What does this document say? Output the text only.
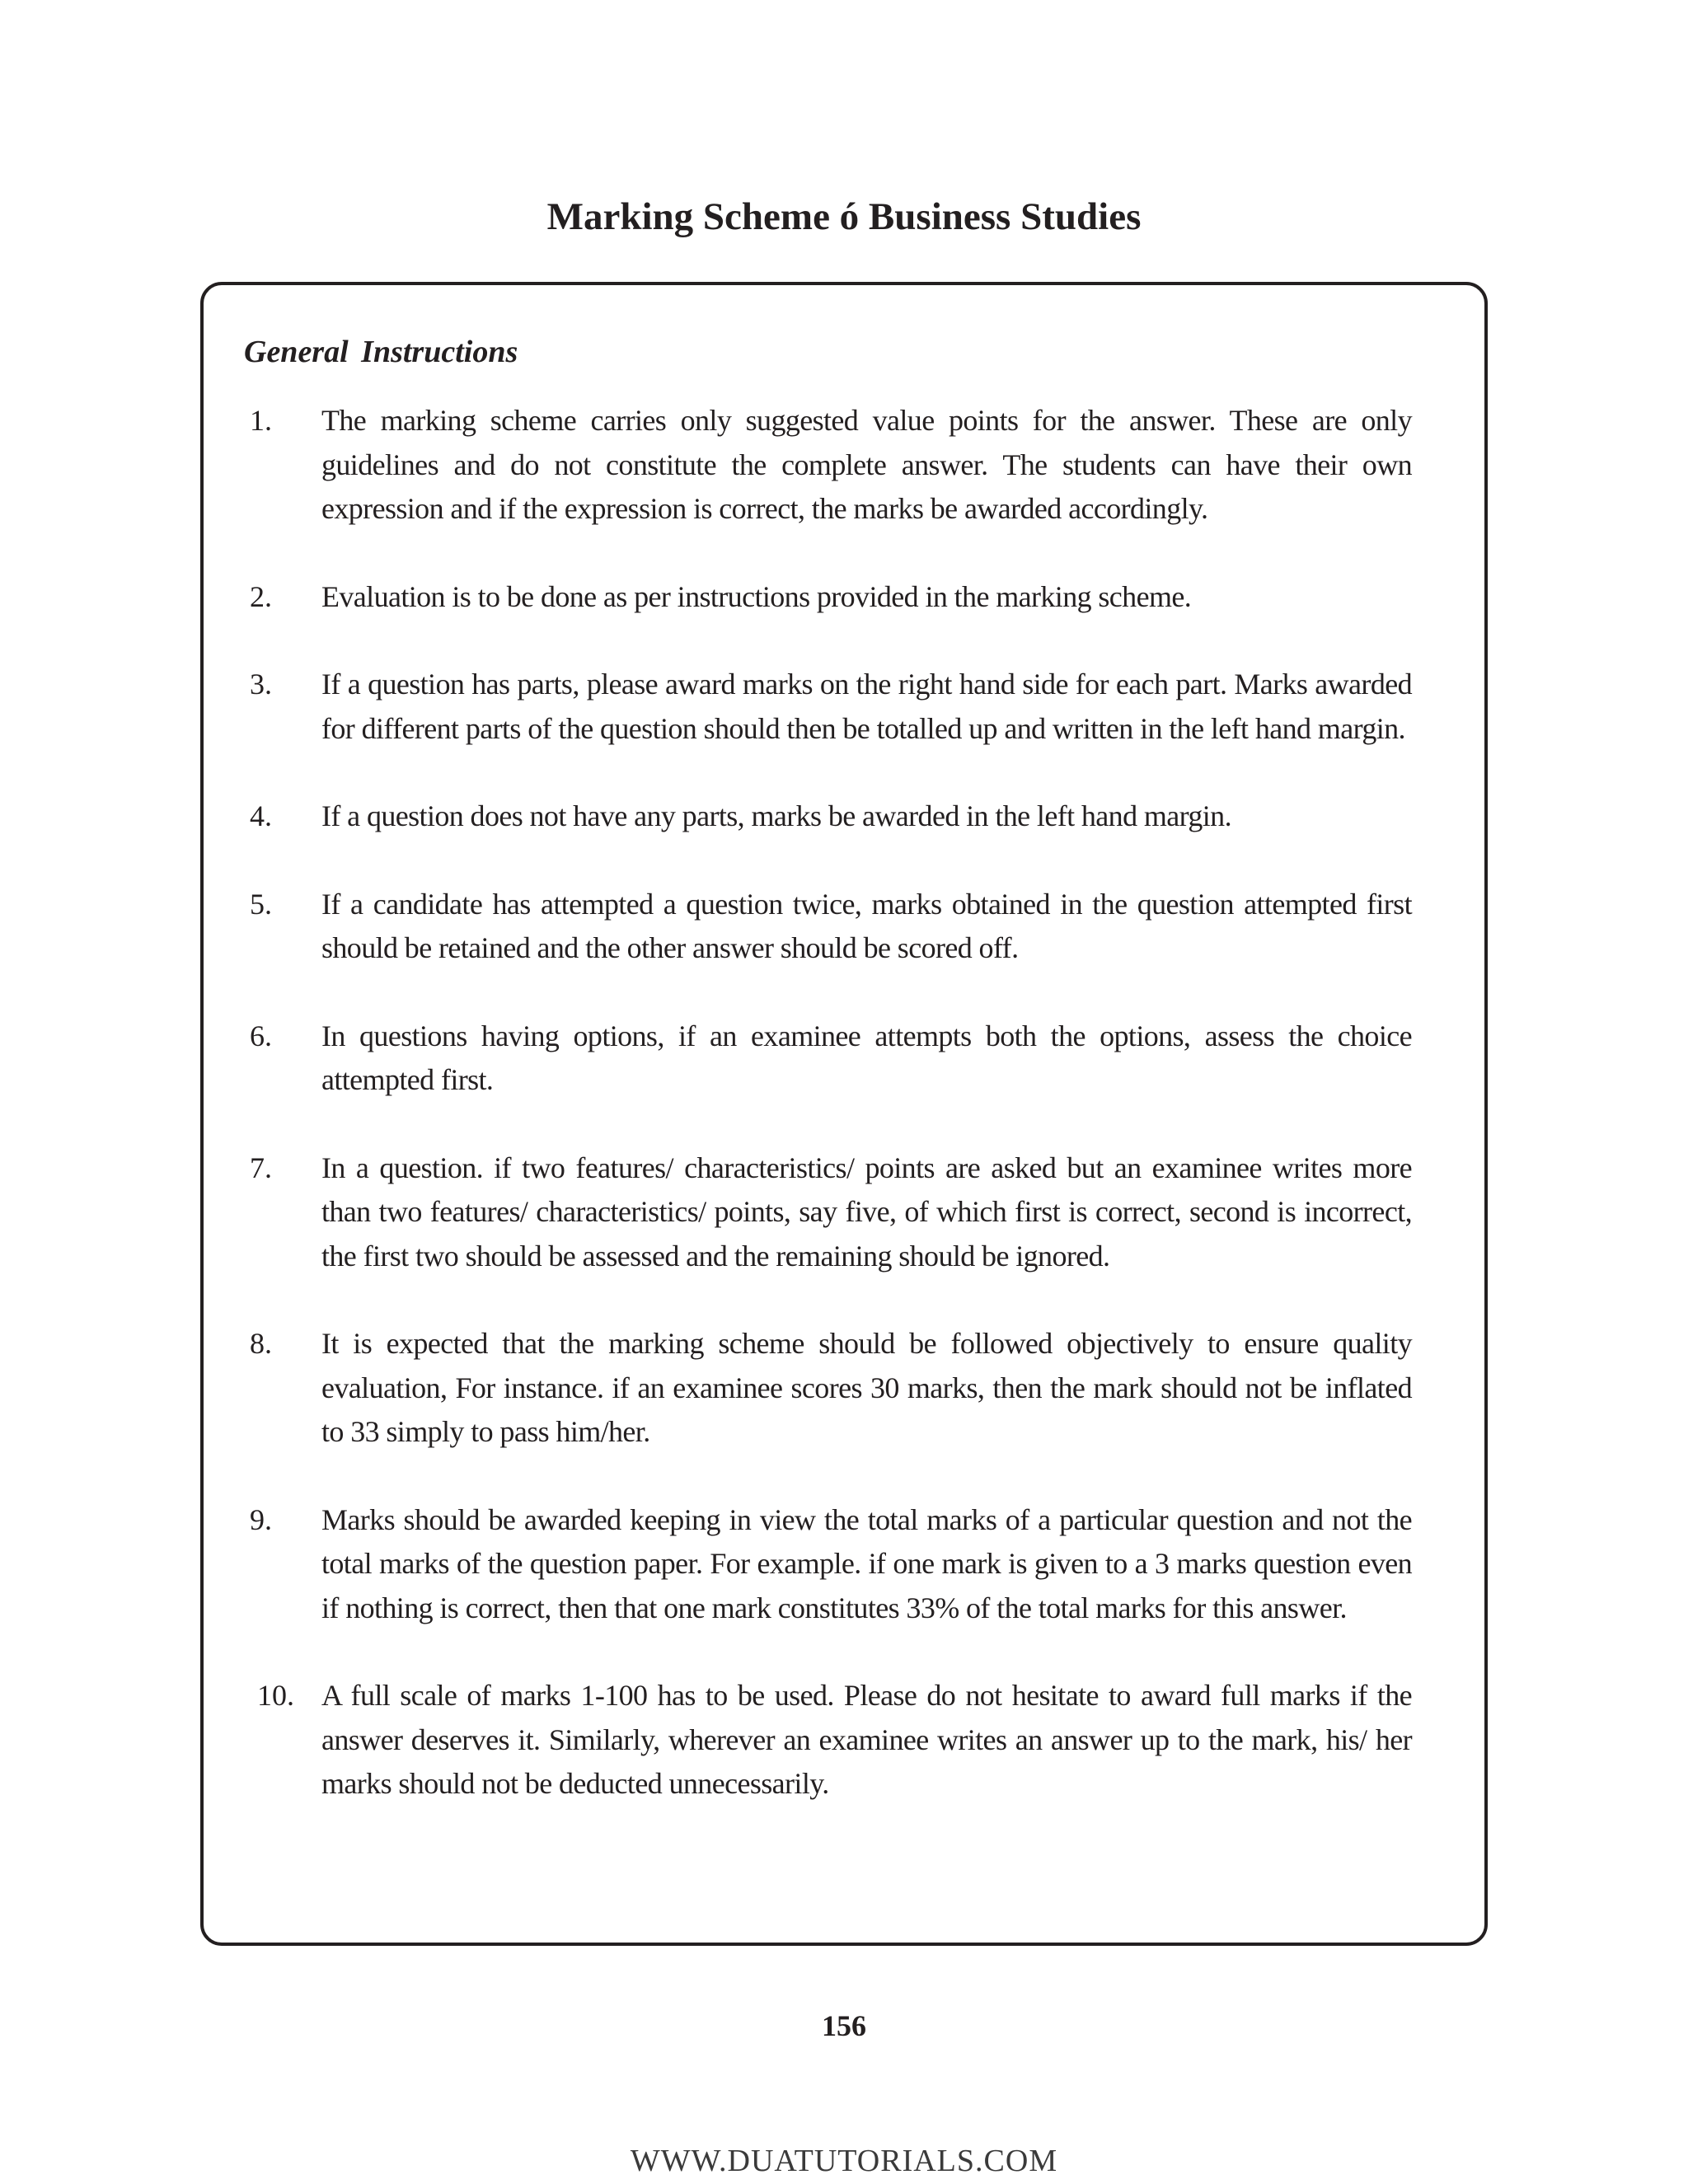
Marking Scheme ó Business Studies
General Instructions
1.	The marking scheme carries only suggested value points for the answer. These are only guidelines and do not constitute the complete answer. The students can have their own expression and if the expression is correct, the marks be awarded accordingly.
2.	Evaluation is to be done as per instructions provided in the marking scheme.
3.	If a question has parts, please award marks on the right hand side for each part. Marks awarded for different parts of the question should then be totalled up and written in the left hand margin.
4.	If a question does not have any parts, marks be awarded in the left hand margin.
5.	If a candidate has attempted a question twice, marks obtained in the question attempted first should be retained and the other answer should be scored off.
6.	In questions having options, if an examinee attempts both the options, assess the choice attempted first.
7.	In a question. if two features/ characteristics/ points are asked but an examinee writes more than two features/ characteristics/ points, say five, of which first is correct, second is incorrect, the first two should be assessed and the remaining should be ignored.
8.	It is expected that the marking scheme should be followed objectively to ensure quality evaluation, For instance. if an examinee scores 30 marks, then the mark should not be inflated to 33 simply to pass him/her.
9.	Marks should be awarded keeping in view the total marks of a particular question and not the total marks of the question paper. For example. if one mark is given to a 3 marks question even if nothing is correct, then that one mark constitutes 33% of the total marks for this answer.
10. A full scale of marks 1-100 has to be used. Please do not hesitate to award full marks if the answer deserves it. Similarly, wherever an examinee writes an answer up to the mark, his/ her marks should not be deducted unnecessarily.
156
WWW.DUATUTORIALS.COM
